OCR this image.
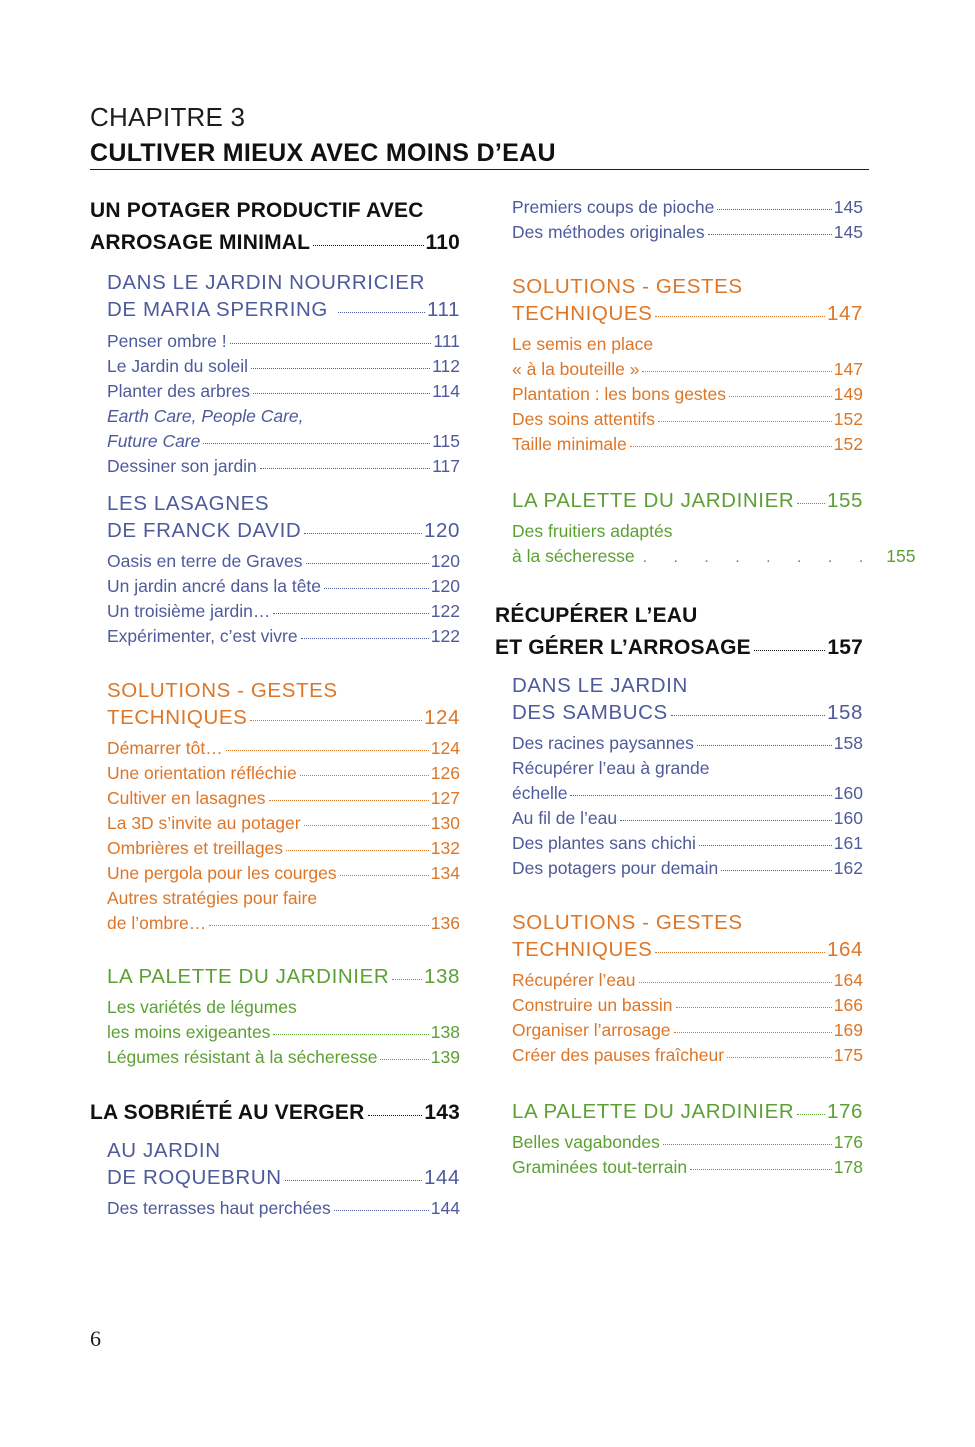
CHAPITRE 3
CULTIVER MIEUX AVEC MOINS D’EAU
UN POTAGER PRODUCTIF AVEC
ARROSAGE MINIMAL	110
DANS LE JARDIN NOURRICIER
DE MARIA SPERRING	111
Penser ombre !	111
Le Jardin du soleil	112
Planter des arbres	114
Earth Care, People Care,
Future Care	115
Dessiner son jardin	117
LES LASAGNES
DE FRANCK DAVID	120
Oasis en terre de Graves	120
Un jardin ancré dans la tête	120
Un troisième jardin…	122
Expérimenter, c’est vivre	122
SOLUTIONS - GESTES
TECHNIQUES	124
Démarrer tôt…	124
Une orientation réfléchie	126
Cultiver en lasagnes	127
La 3D s’invite au potager	130
Ombrières et treillages	132
Une pergola pour les courges	134
Autres stratégies pour faire
de l’ombre…	136
LA PALETTE DU JARDINIER 138
Les variétés de légumes
les moins exigeantes	138
Légumes résistant à la sécheresse	139
LA SOBRIÉTÉ AU VERGER	143
AU JARDIN
DE ROQUEBRUN	144
Des terrasses haut perchées	144
Premiers coups de pioche	145
Des méthodes originales	145
SOLUTIONS - GESTES
TECHNIQUES	147
Le semis en place
« à la bouteille »	147
Plantation : les bons gestes	149
Des soins attentifs	152
Taille minimale	152
LA PALETTE DU JARDINIER 155
Des fruitiers adaptés
à la sécheresse . . . . . . . . 155
RÉCUPÉRER L’EAU
ET GÉRER L’ARROSAGE	157
DANS LE JARDIN
DES SAMBUCS	158
Des racines paysannes	158
Récupérer l’eau à grande
échelle	160
Au fil de l’eau	160
Des plantes sans chichi	161
Des potagers pour demain	162
SOLUTIONS - GESTES
TECHNIQUES	164
Récupérer l’eau	164
Construire un bassin	166
Organiser l’arrosage	169
Créer des pauses fraîcheur	175
LA PALETTE DU JARDINIER 176
Belles vagabondes	176
Graminées tout-terrain	178
6
